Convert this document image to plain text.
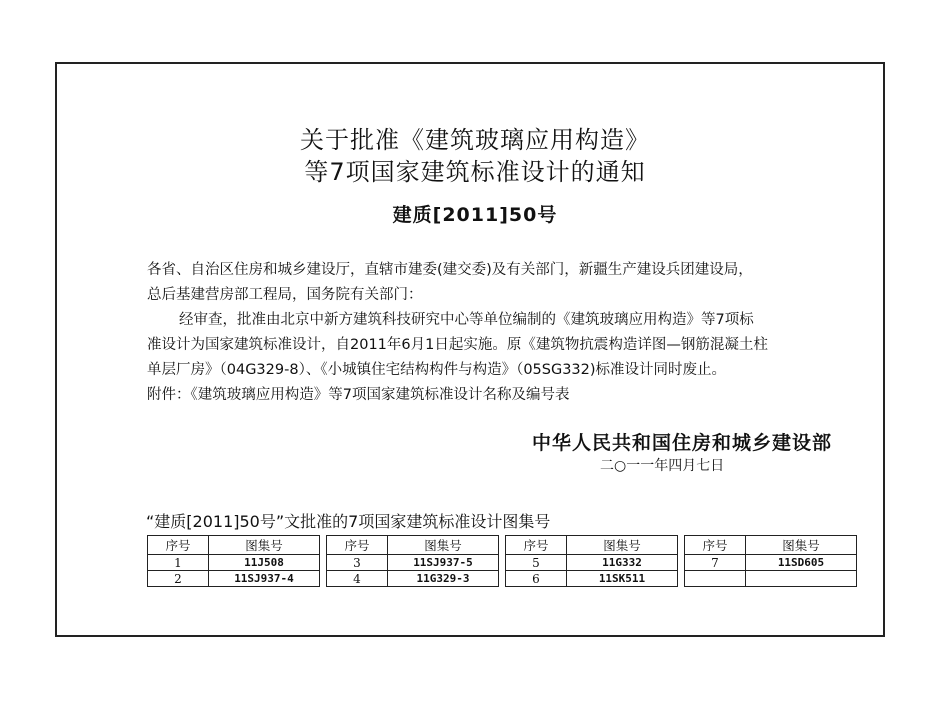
关于批准《建筑玻璃应用构造》
等7项国家建筑标准设计的通知
建质[2011]50号
各省、自治区住房和城乡建设厅，直辖市建委(建交委)及有关部门，新疆生产建设兵团建设局，
总后基建营房部工程局，国务院有关部门：
经审查，批准由北京中新方建筑科技研究中心等单位编制的《建筑玻璃应用构造》等7项标
准设计为国家建筑标准设计，自2011年6月1日起实施。原《建筑物抗震构造详图—钢筋混凝土柱
单层厂房》（04G329-8）、《小城镇住宅结构构件与构造》（05SG332)标准设计同时废止。
附件：《建筑玻璃应用构造》等7项国家建筑标准设计名称及编号表
中华人民共和国住房和城乡建设部
二○一一年四月七日
“建质[2011]50号”文批准的7项国家建筑标准设计图集号
序号	图集号		序号	图集号		序号	图集号		序号	图集号
1	11J508		3	11SJ937-5		5	11G332		7	11SD605
2	11SJ937-4		4	11G329-3		6	11SK511			
